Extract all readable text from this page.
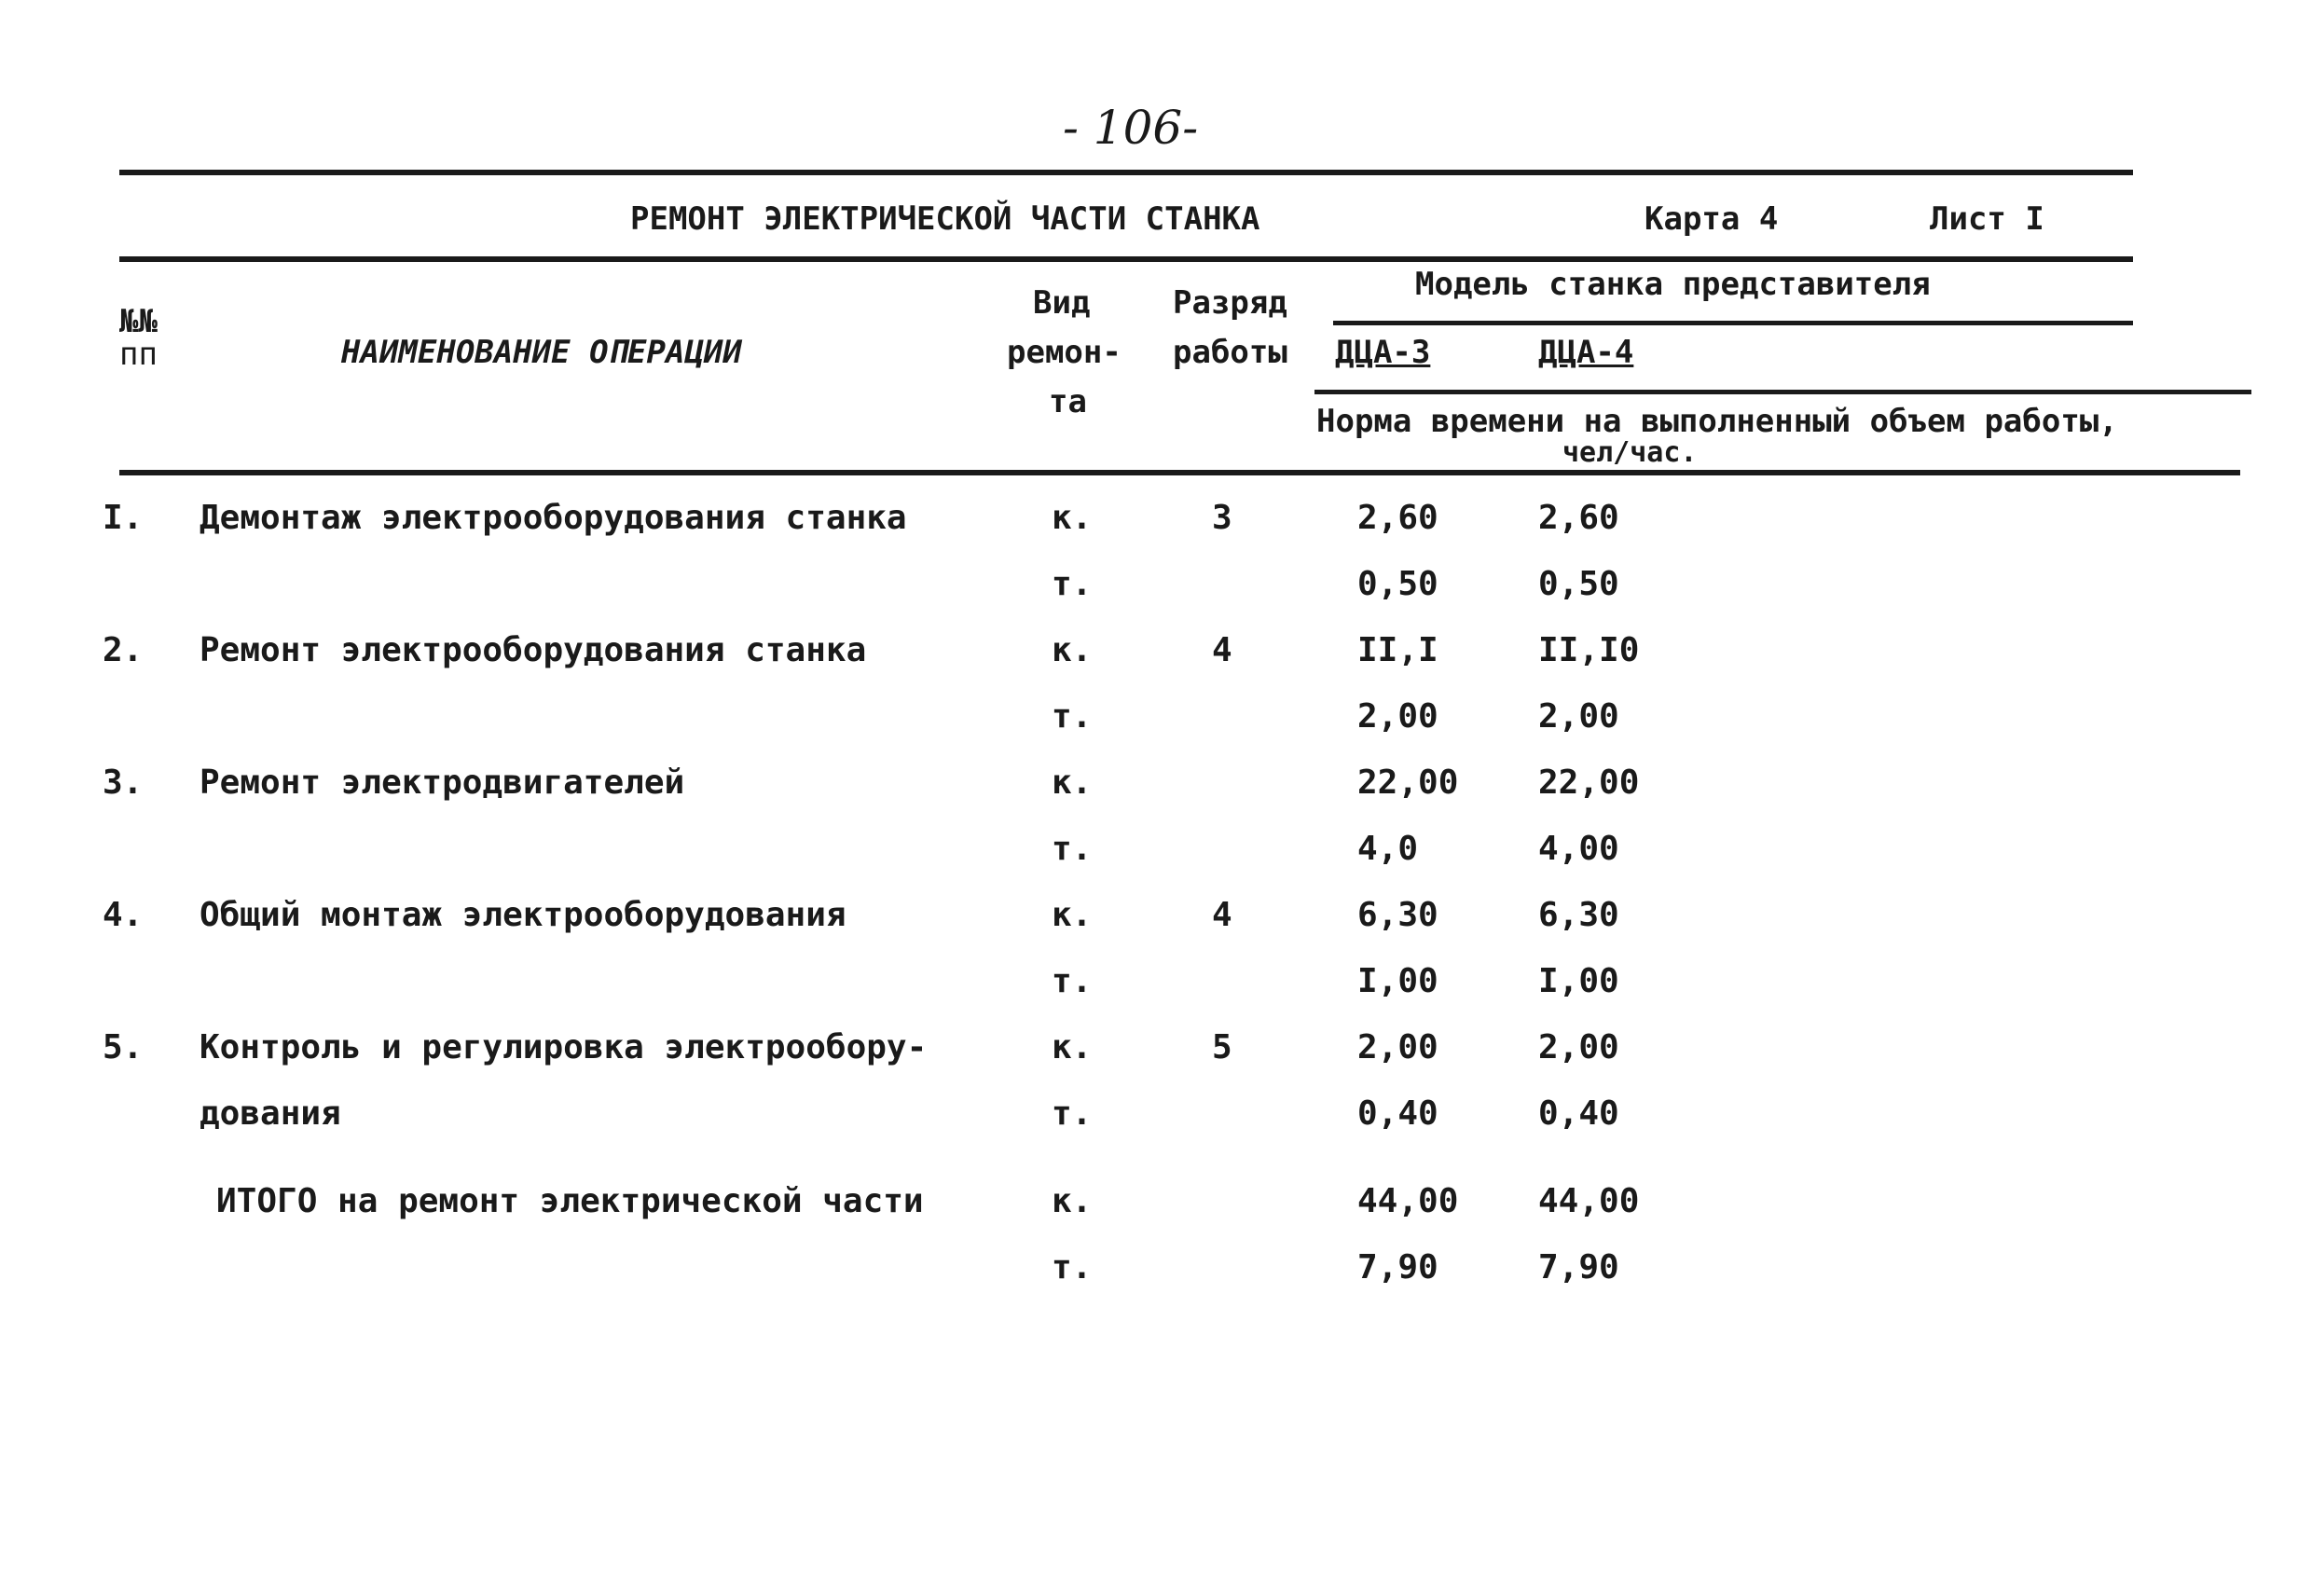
- 106-
РЕМОНТ ЭЛЕКТРИЧЕСКОЙ ЧАСТИ СТАНКА	Карта 4	Лист I
№№
пп	НАИМЕНОВАНИЕ ОПЕРАЦИИ
Вид
ремон-
та
Разряд
работы
Модель станка представителя
ДЦА-3	ДЦА-4
Норма времени на выполненный объем работы,
чел/час.
I. Демонтаж электрооборудования станка	к.	3	2,60	2,60
т.	0,50	0,50
2. Ремонт электрооборудования станка	к.	4	II,I	II,I0
т.	2,00	2,00
3. Ремонт электродвигателей	к.	22,00 22,00
т.	4,0	4,00
4. Общий монтаж электрооборудования	к.	4	6,30	6,30
т.	I,00	I,00
5. Контроль и регулировка электрообору-	к.	5	2,00	2,00
дования	т.	0,40	0,40
ИТОГО на ремонт электрической части	к.	44,00 44,00
т.	7,90	7,90
